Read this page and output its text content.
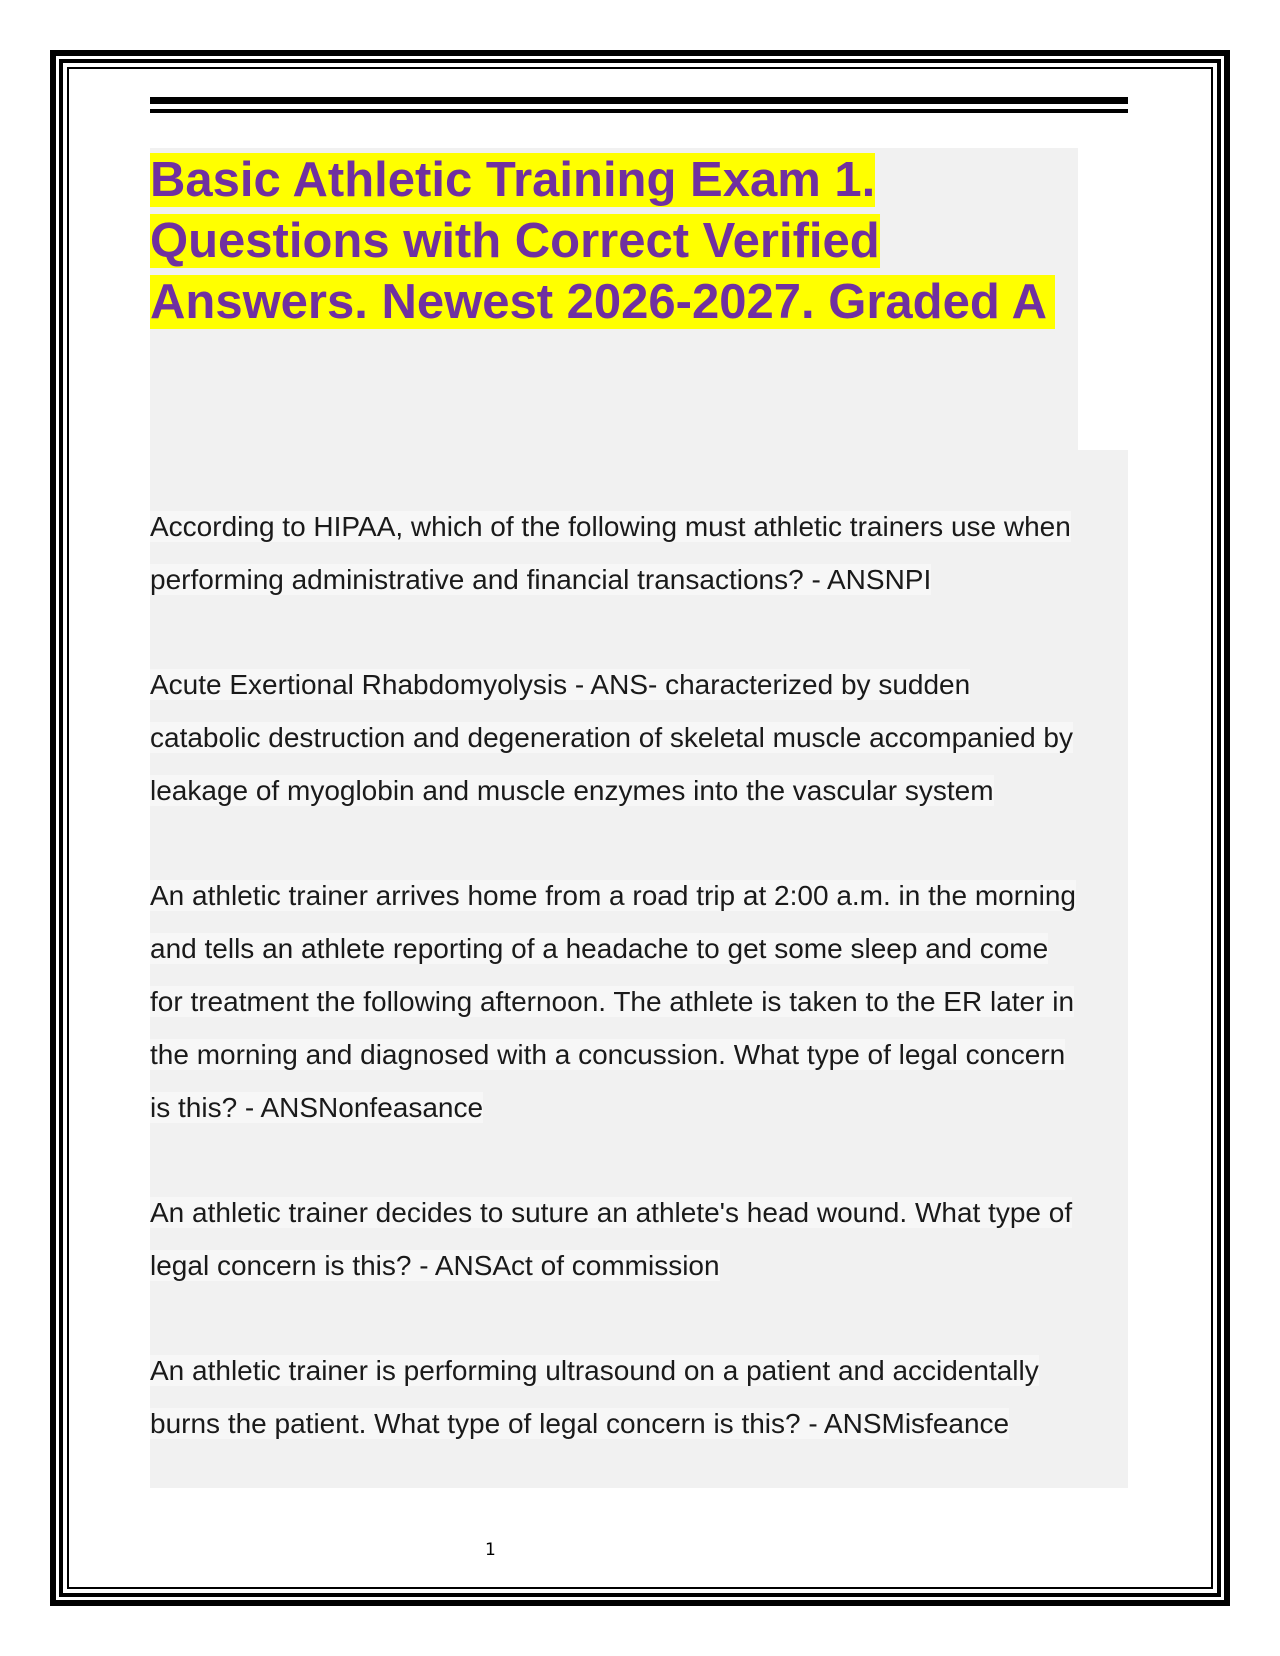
Basic Athletic Training Exam 1.
Questions with Correct Verified
Answers. Newest 2026-2027. Graded A

According to HIPAA, which of the following must athletic trainers use when
performing administrative and financial transactions? - ANSNPI

Acute Exertional Rhabdomyolysis - ANS- characterized by sudden
catabolic destruction and degeneration of skeletal muscle accompanied by
leakage of myoglobin and muscle enzymes into the vascular system

An athletic trainer arrives home from a road trip at 2:00 a.m. in the morning
and tells an athlete reporting of a headache to get some sleep and come
for treatment the following afternoon. The athlete is taken to the ER later in
the morning and diagnosed with a concussion. What type of legal concern
is this? - ANSNonfeasance

An athletic trainer decides to suture an athlete's head wound. What type of
legal concern is this? - ANSAct of commission

An athletic trainer is performing ultrasound on a patient and accidentally
burns the patient. What type of legal concern is this? - ANSMisfeance

1
